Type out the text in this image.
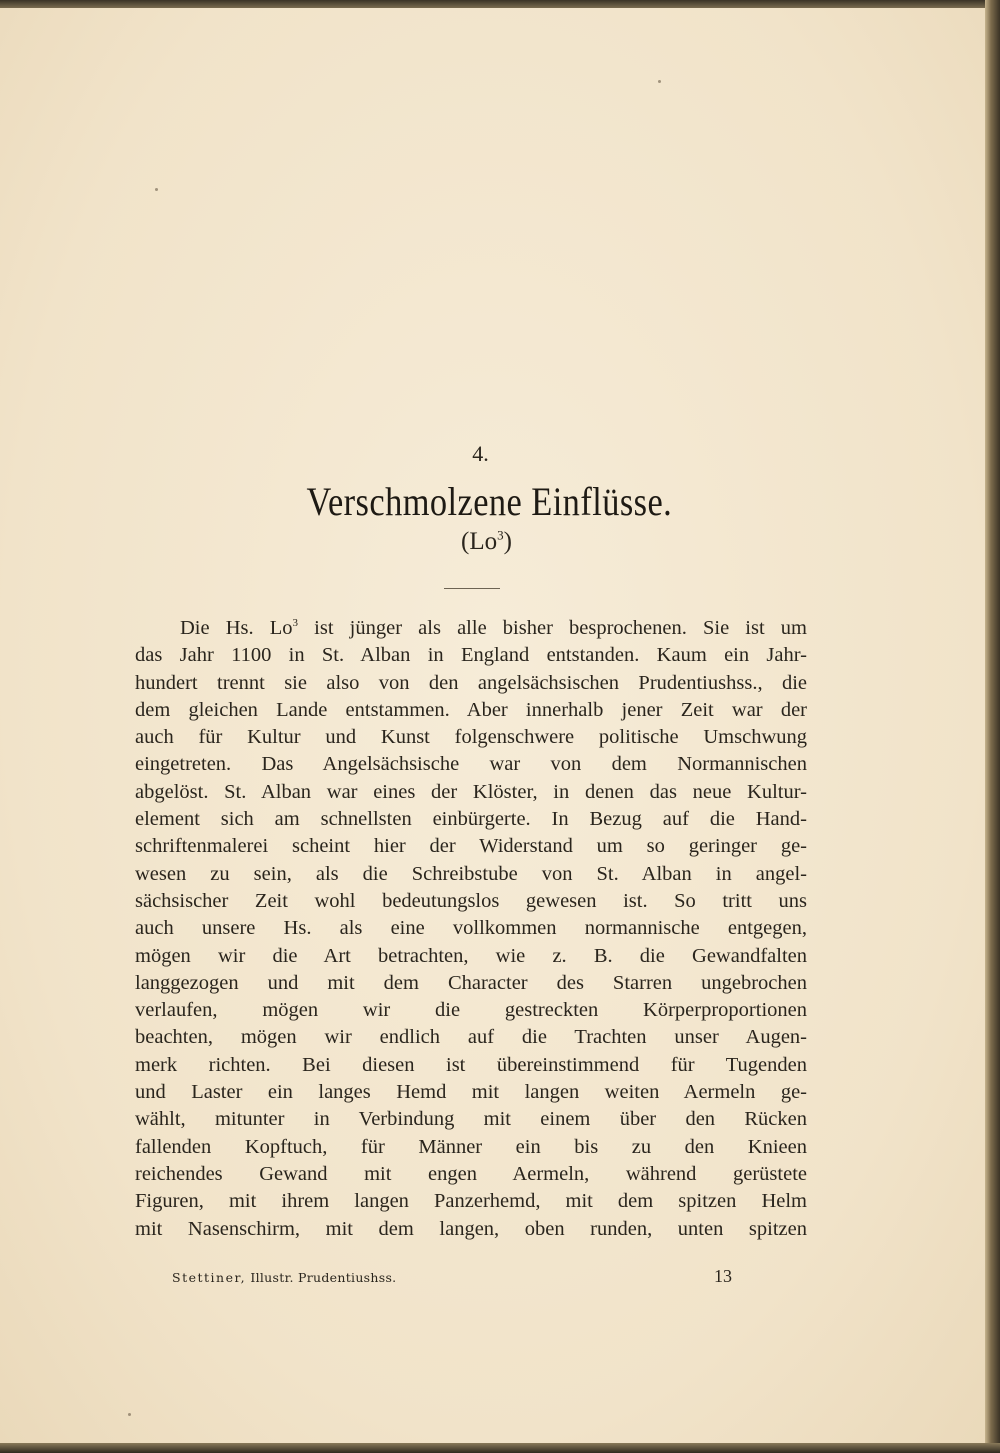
4.
Verschmolzene Einflüsse.
(Lo$^3$)
Die Hs. Lo$^3$ ist jünger als alle bisher besprochenen. Sie ist um
das Jahr 1100 in St. Alban in England entstanden. Kaum ein Jahr-
hundert trennt sie also von den angelsächsischen Prudentiushss., die
dem gleichen Lande entstammen. Aber innerhalb jener Zeit war der
auch für Kultur und Kunst folgenschwere politische Umschwung
eingetreten. Das Angelsächsische war von dem Normannischen
abgelöst. St. Alban war eines der Klöster, in denen das neue Kultur-
element sich am schnellsten einbürgerte. In Bezug auf die Hand-
schriftenmalerei scheint hier der Widerstand um so geringer ge-
wesen zu sein, als die Schreibstube von St. Alban in angel-
sächsischer Zeit wohl bedeutungslos gewesen ist. So tritt uns
auch unsere Hs. als eine vollkommen normannische entgegen,
mögen wir die Art betrachten, wie z. B. die Gewandfalten
langgezogen und mit dem Character des Starren ungebrochen
verlaufen, mögen wir die gestreckten Körperproportionen
beachten, mögen wir endlich auf die Trachten unser Augen-
merk richten. Bei diesen ist übereinstimmend für Tugenden
und Laster ein langes Hemd mit langen weiten Aermeln ge-
wählt, mitunter in Verbindung mit einem über den Rücken
fallenden Kopftuch, für Männer ein bis zu den Knieen
reichendes Gewand mit engen Aermeln, während gerüstete
Figuren, mit ihrem langen Panzerhemd, mit dem spitzen Helm
mit Nasenschirm, mit dem langen, oben runden, unten spitzen
Stettiner, Illustr. Prudentiushss.	13
